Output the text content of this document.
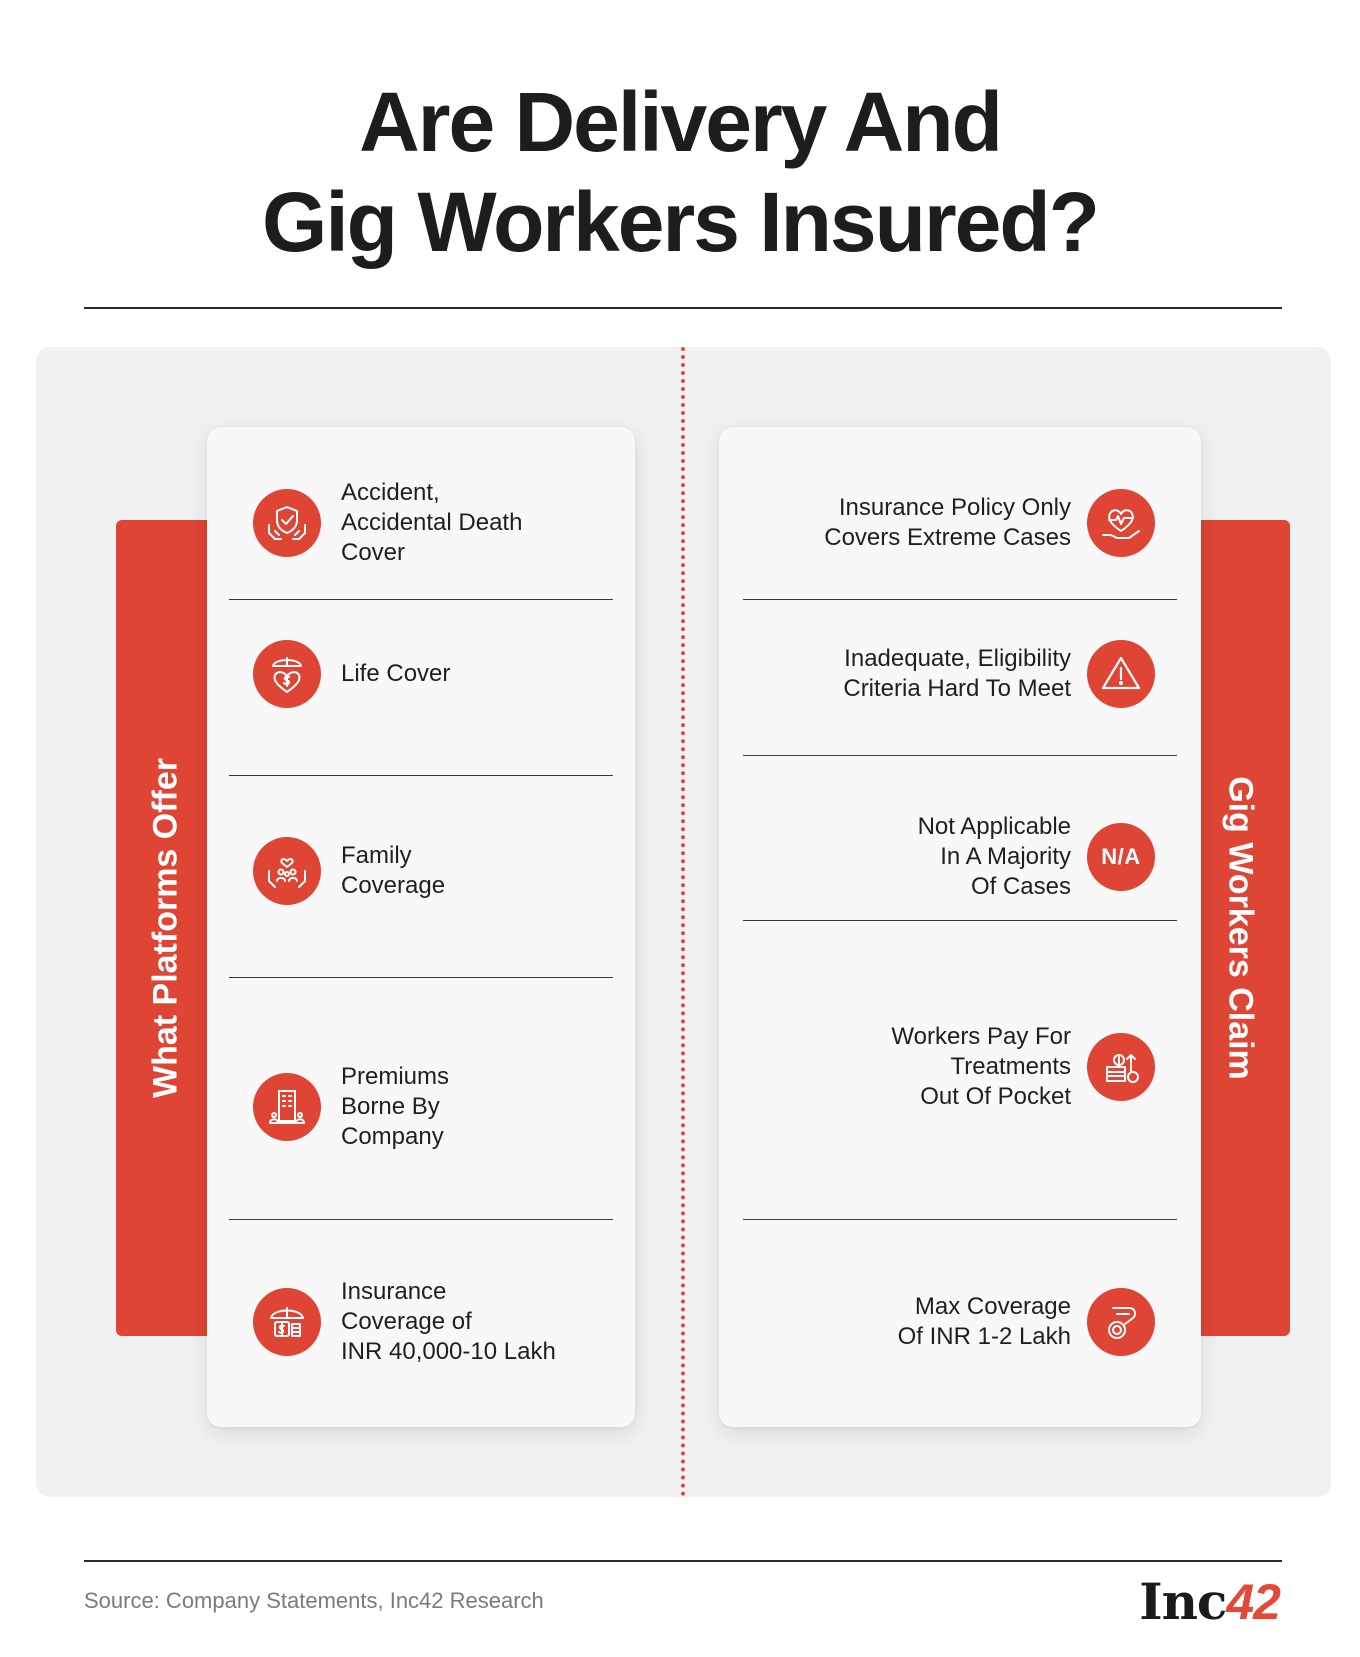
Are Delivery And
Gig Workers Insured?
What Platforms Offer	Gig Workers Claim
Accident,
Accidental Death
Cover
Life Cover
Family
Coverage
Premiums
Borne By
Company
Insurance
Coverage of
INR 40,000-10 Lakh
Insurance Policy Only
Covers Extreme Cases
Inadequate, Eligibility
Criteria Hard To Meet
Not Applicable
In A Majority
Of Cases
N/A
Workers Pay For
Treatments
Out Of Pocket
Max Coverage
Of INR 1-2 Lakh
Source: Company Statements, Inc42 Research	Inc42
